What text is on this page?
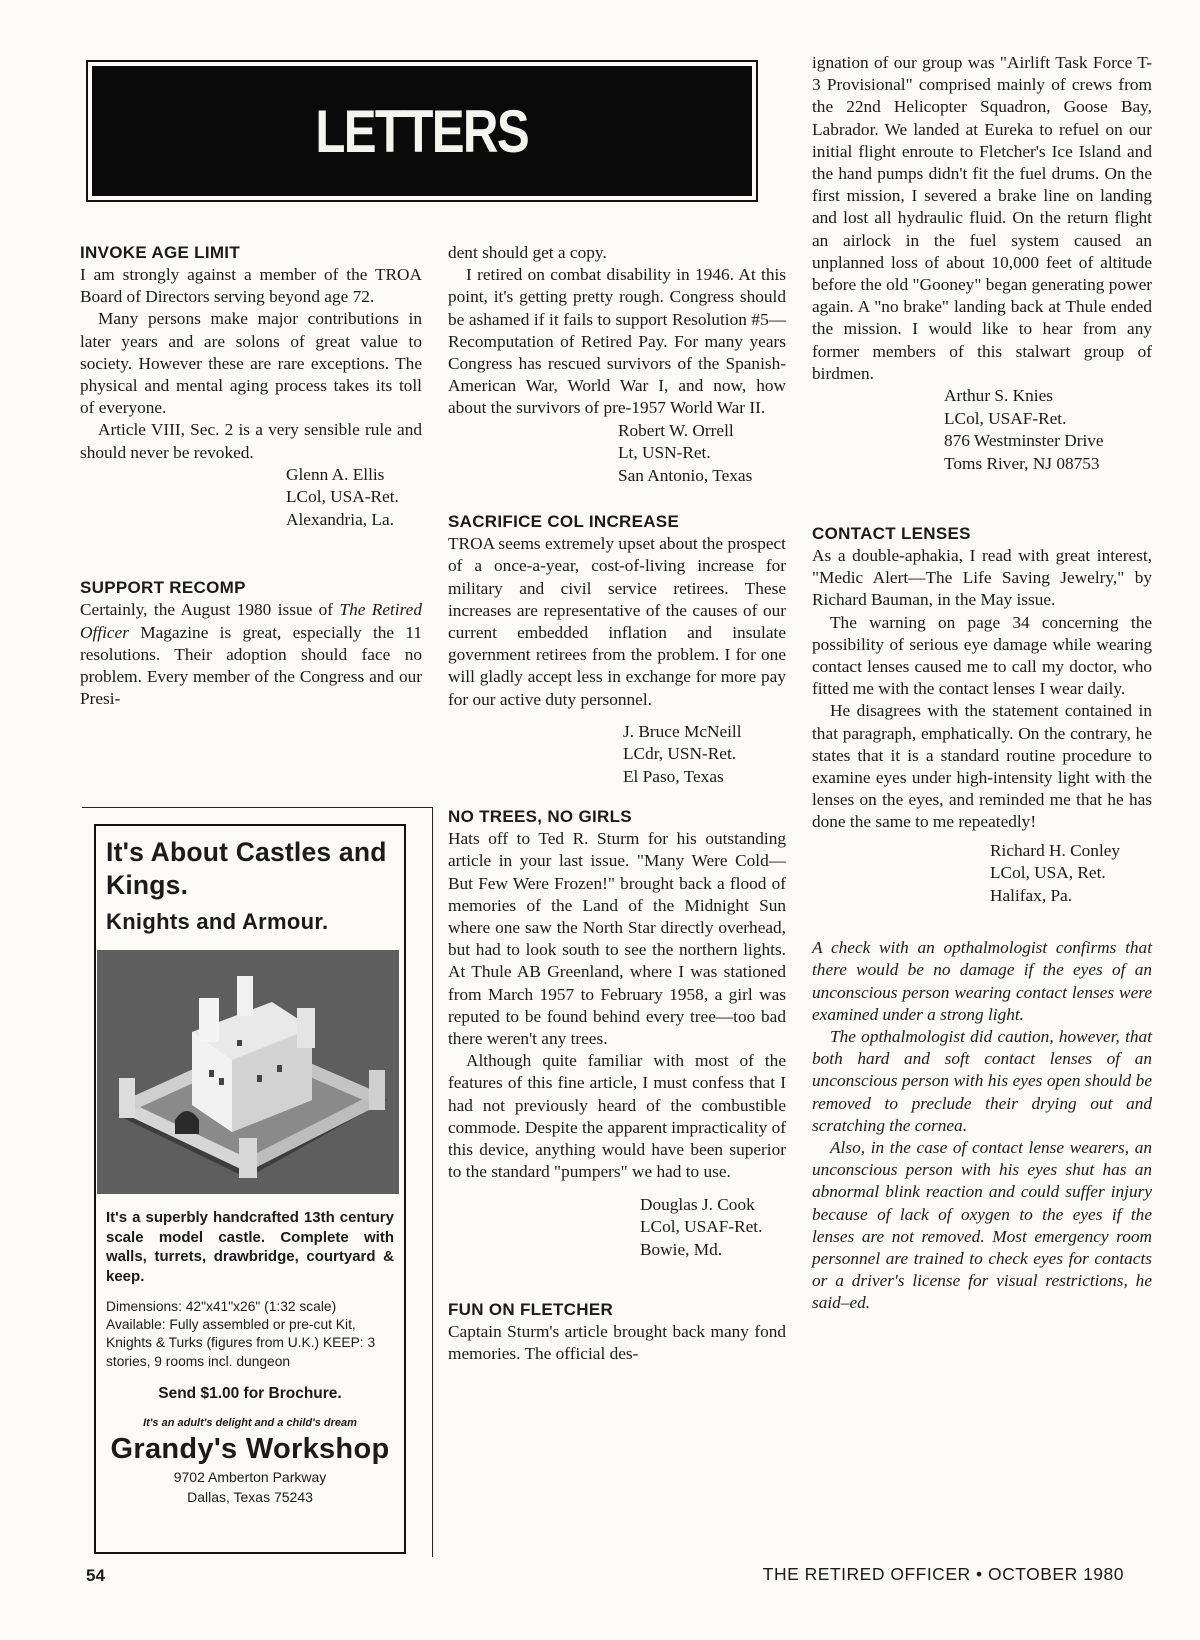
LETTERS
INVOKE AGE LIMIT

I am strongly against a member of the TROA Board of Directors serving beyond age 72.

Many persons make major contributions in later years and are solons of great value to society. However these are rare exceptions. The physical and mental aging process takes its toll of everyone.

Article VIII, Sec. 2 is a very sensible rule and should never be revoked.

Glenn A. Ellis
LCol, USA-Ret.
Alexandria, La.
SUPPORT RECOMP

Certainly, the August 1980 issue of The Retired Officer Magazine is great, especially the 11 resolutions. Their adoption should face no problem. Every member of the Congress and our Presi-

It's About Castles and Kings.
Knights and Armour.
It's a superbly handcrafted 13th century scale model castle. Complete with walls, turrets, drawbridge, courtyard & keep.
Dimensions: 42"x41"x26" (1:32 scale) Available: Fully assembled or pre-cut Kit, Knights & Turks (figures from U.K.) KEEP: 3 stories, 9 rooms incl. dungeon
Send $1.00 for Brochure.
It's an adult's delight and a child's dream
Grandy's Workshop
9702 Amberton Parkway
Dallas, Texas 75243

dent should get a copy.

I retired on combat disability in 1946. At this point, it's getting pretty rough. Congress should be ashamed if it fails to support Resolution #5—Recomputation of Retired Pay. For many years Congress has rescued survivors of the Spanish-American War, World War I, and now, how about the survivors of pre-1957 World War II.

Robert W. Orrell
Lt, USN-Ret.
San Antonio, Texas
SACRIFICE COL INCREASE

TROA seems extremely upset about the prospect of a once-a-year, cost-of-living increase for military and civil service retirees. These increases are representative of the causes of our current embedded inflation and insulate government retirees from the problem. I for one will gladly accept less in exchange for more pay for our active duty personnel.

J. Bruce McNeill
LCdr, USN-Ret.
El Paso, Texas
NO TREES, NO GIRLS

Hats off to Ted R. Sturm for his outstanding article in your last issue. "Many Were Cold—But Few Were Frozen!" brought back a flood of memories of the Land of the Midnight Sun where one saw the North Star directly overhead, but had to look south to see the northern lights. At Thule AB Greenland, where I was stationed from March 1957 to February 1958, a girl was reputed to be found behind every tree—too bad there weren't any trees.

Although quite familiar with most of the features of this fine article, I must confess that I had not previously heard of the combustible commode. Despite the apparent impracticality of this device, anything would have been superior to the standard "pumpers" we had to use.

Douglas J. Cook
LCol, USAF-Ret.
Bowie, Md.
FUN ON FLETCHER

Captain Sturm's article brought back many fond memories. The official des-

ignation of our group was "Airlift Task Force T-3 Provisional" comprised mainly of crews from the 22nd Helicopter Squadron, Goose Bay, Labrador. We landed at Eureka to refuel on our initial flight enroute to Fletcher's Ice Island and the hand pumps didn't fit the fuel drums. On the first mission, I severed a brake line on landing and lost all hydraulic fluid. On the return flight an airlock in the fuel system caused an unplanned loss of about 10,000 feet of altitude before the old "Gooney" began generating power again. A "no brake" landing back at Thule ended the mission. I would like to hear from any former members of this stalwart group of birdmen.

Arthur S. Knies
LCol, USAF-Ret.
876 Westminster Drive
Toms River, NJ 08753
CONTACT LENSES

As a double-aphakia, I read with great interest, "Medic Alert—The Life Saving Jewelry," by Richard Bauman, in the May issue.

The warning on page 34 concerning the possibility of serious eye damage while wearing contact lenses caused me to call my doctor, who fitted me with the contact lenses I wear daily.

He disagrees with the statement contained in that paragraph, emphatically. On the contrary, he states that it is a standard routine procedure to examine eyes under high-intensity light with the lenses on the eyes, and reminded me that he has done the same to me repeatedly!

Richard H. Conley
LCol, USA, Ret.
Halifax, Pa.

A check with an opthalmologist confirms that there would be no damage if the eyes of an unconscious person wearing contact lenses were examined under a strong light.

The opthalmologist did caution, however, that both hard and soft contact lenses of an unconscious person with his eyes open should be removed to preclude their drying out and scratching the cornea.

Also, in the case of contact lense wearers, an unconscious person with his eyes shut has an abnormal blink reaction and could suffer injury because of lack of oxygen to the eyes if the lenses are not removed. Most emergency room personnel are trained to check eyes for contacts or a driver's license for visual restrictions, he said–ed.

54	THE RETIRED OFFICER • OCTOBER 1980
